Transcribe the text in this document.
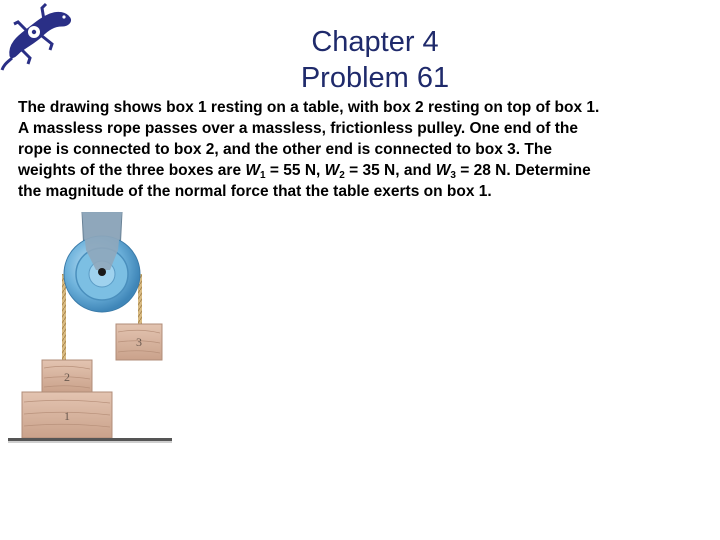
Chapter 4
Problem 61
The drawing shows box 1 resting on a table, with box 2 resting on top of box 1.
A massless rope passes over a massless, frictionless pulley. One end of the
rope is connected to box 2, and the other end is connected to box 3. The
weights of the three boxes are $W_1 = 55$ N, $W_2 = 35$ N, and $W_3 = 28$ N. Determine
the magnitude of the normal force that the table exerts on box 1.
3
2
1
